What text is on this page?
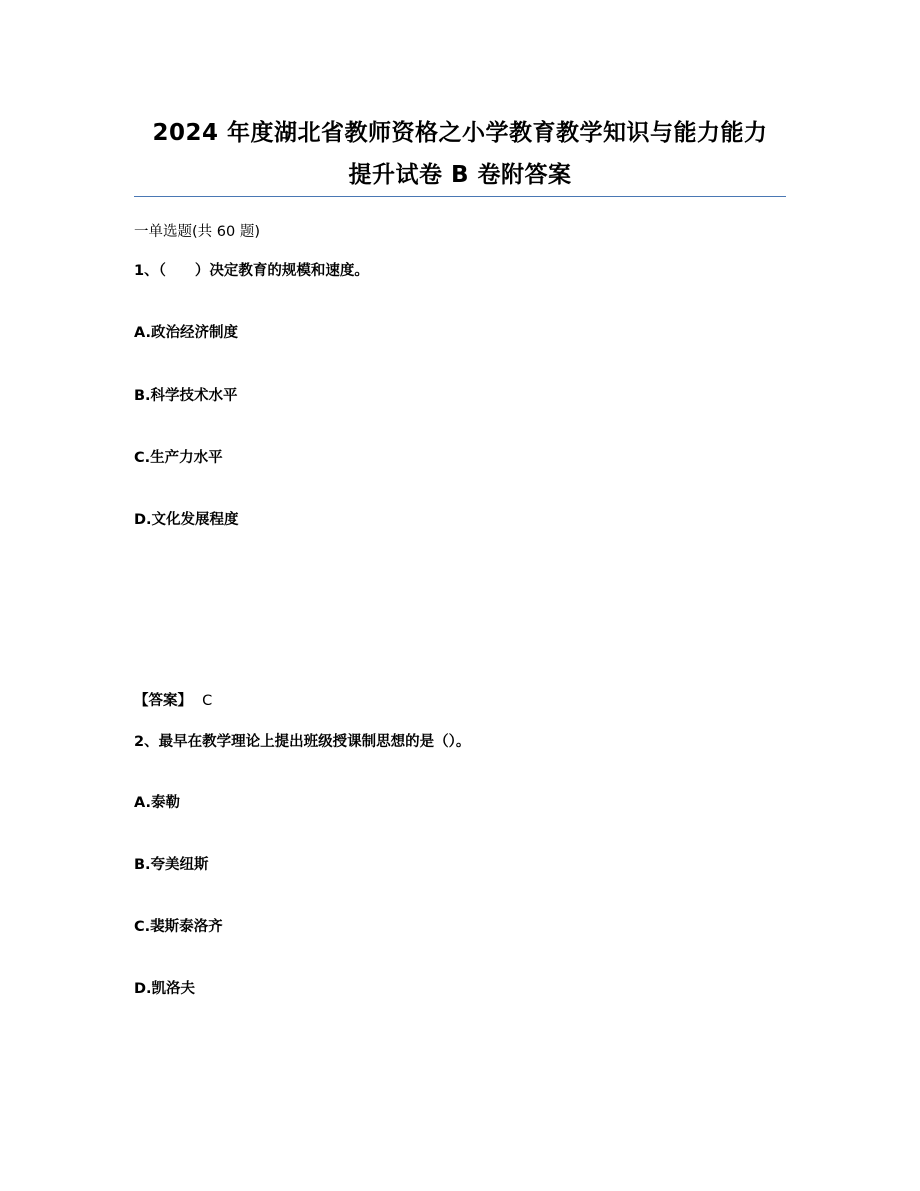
2024 年度湖北省教师资格之小学教育教学知识与能力能力
提升试卷 B 卷附答案
一单选题(共 60 题)
1、（　　）决定教育的规模和速度。
A.政治经济制度
B.科学技术水平
C.生产力水平
D.文化发展程度
【答案】 C
2、最早在教学理论上提出班级授课制思想的是（）。
A.泰勒
B.夸美纽斯
C.裴斯泰洛齐
D.凯洛夫
